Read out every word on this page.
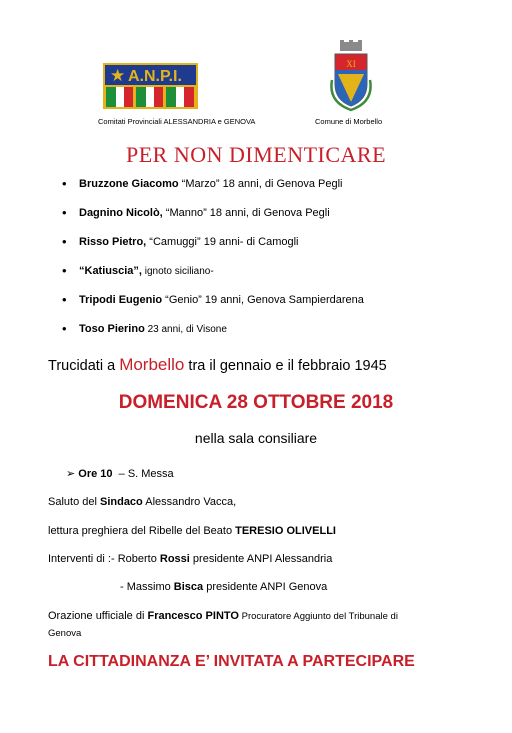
★ A.N.P.I.
XI
Comitati Provinciali ALESSANDRIA e GENOVA	Comune di Morbello
PER NON DIMENTICARE
• Bruzzone Giacomo “Marzo” 18 anni, di Genova Pegli
• Dagnino Nicolò, “Manno” 18 anni, di Genova Pegli
• Risso Pietro, “Camuggi” 19 anni- di Camogli
• “Katiuscia”, ignoto siciliano-
• Tripodi Eugenio “Genio” 19 anni, Genova Sampierdarena
• Toso Pierino 23 anni, di Visone
Trucidati a Morbello tra il gennaio e il febbraio 1945
DOMENICA 28 OTTOBRE 2018
nella sala consiliare
➢ Ore 10  – S. Messa
Saluto del Sindaco Alessandro Vacca,
lettura preghiera del Ribelle del Beato TERESIO OLIVELLI
Interventi di :- Roberto Rossi presidente ANPI Alessandria
- Massimo Bisca presidente ANPI Genova
Orazione ufficiale di Francesco PINTO Procuratore Aggiunto del Tribunale di
Genova
LA CITTADINANZA E’ INVITATA A PARTECIPARE
